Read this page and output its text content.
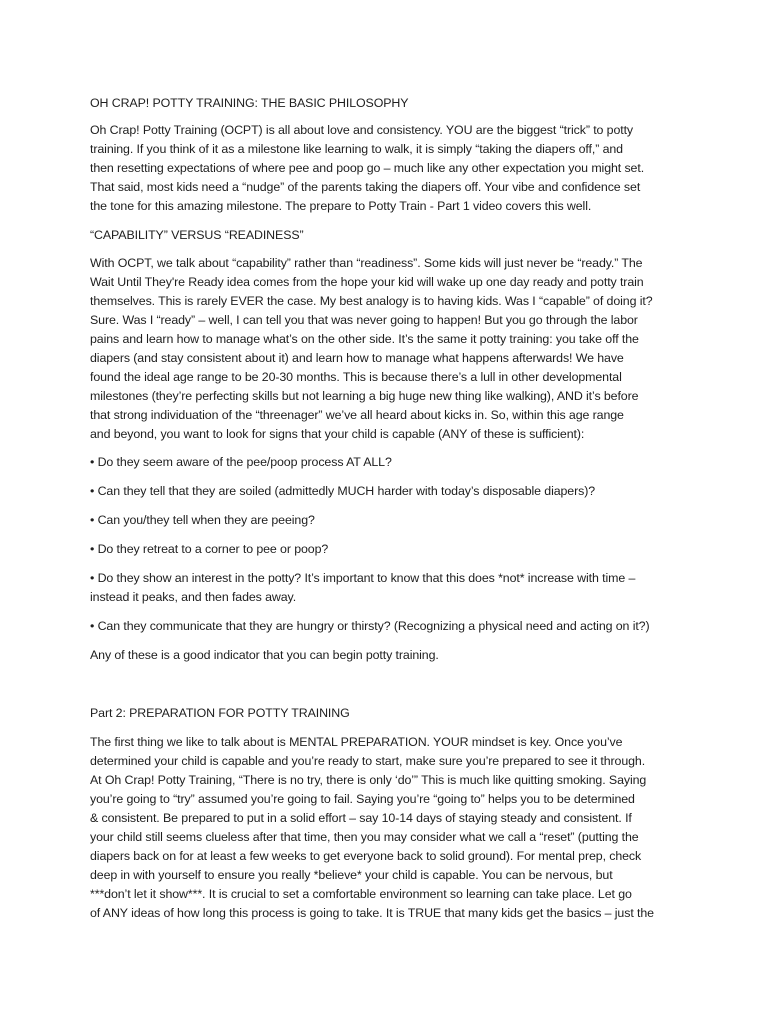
OH CRAP! POTTY TRAINING: THE BASIC PHILOSOPHY

Oh Crap! Potty Training (OCPT) is all about love and consistency. YOU are the biggest “trick” to potty
training. If you think of it as a milestone like learning to walk, it is simply “taking the diapers off,” and
then resetting expectations of where pee and poop go – much like any other expectation you might set.
That said, most kids need a “nudge” of the parents taking the diapers off. Your vibe and confidence set
the tone for this amazing milestone. The prepare to Potty Train - Part 1 video covers this well.

“CAPABILITY” VERSUS “READINESS”

With OCPT, we talk about “capability” rather than “readiness”. Some kids will just never be “ready.” The
Wait Until They're Ready idea comes from the hope your kid will wake up one day ready and potty train
themselves. This is rarely EVER the case. My best analogy is to having kids. Was I “capable” of doing it?
Sure. Was I “ready” – well, I can tell you that was never going to happen! But you go through the labor
pains and learn how to manage what’s on the other side. It’s the same it potty training: you take off the
diapers (and stay consistent about it) and learn how to manage what happens afterwards! We have
found the ideal age range to be 20-30 months. This is because there’s a lull in other developmental
milestones (they’re perfecting skills but not learning a big huge new thing like walking), AND it’s before
that strong individuation of the “threenager” we’ve all heard about kicks in. So, within this age range
and beyond, you want to look for signs that your child is capable (ANY of these is sufficient):

• Do they seem aware of the pee/poop process AT ALL?

• Can they tell that they are soiled (admittedly MUCH harder with today’s disposable diapers)?

• Can you/they tell when they are peeing?

• Do they retreat to a corner to pee or poop?

• Do they show an interest in the potty? It’s important to know that this does *not* increase with time –
instead it peaks, and then fades away.

• Can they communicate that they are hungry or thirsty? (Recognizing a physical need and acting on it?)

Any of these is a good indicator that you can begin potty training.

Part 2: PREPARATION FOR POTTY TRAINING

The first thing we like to talk about is MENTAL PREPARATION. YOUR mindset is key. Once you’ve
determined your child is capable and you’re ready to start, make sure you’re prepared to see it through.
At Oh Crap! Potty Training, “There is no try, there is only ‘do’” This is much like quitting smoking. Saying
you’re going to “try” assumed you’re going to fail. Saying you’re “going to” helps you to be determined
& consistent. Be prepared to put in a solid effort – say 10-14 days of staying steady and consistent. If
your child still seems clueless after that time, then you may consider what we call a “reset” (putting the
diapers back on for at least a few weeks to get everyone back to solid ground). For mental prep, check
deep in with yourself to ensure you really *believe* your child is capable. You can be nervous, but
***don’t let it show***. It is crucial to set a comfortable environment so learning can take place. Let go
of ANY ideas of how long this process is going to take. It is TRUE that many kids get the basics – just the
